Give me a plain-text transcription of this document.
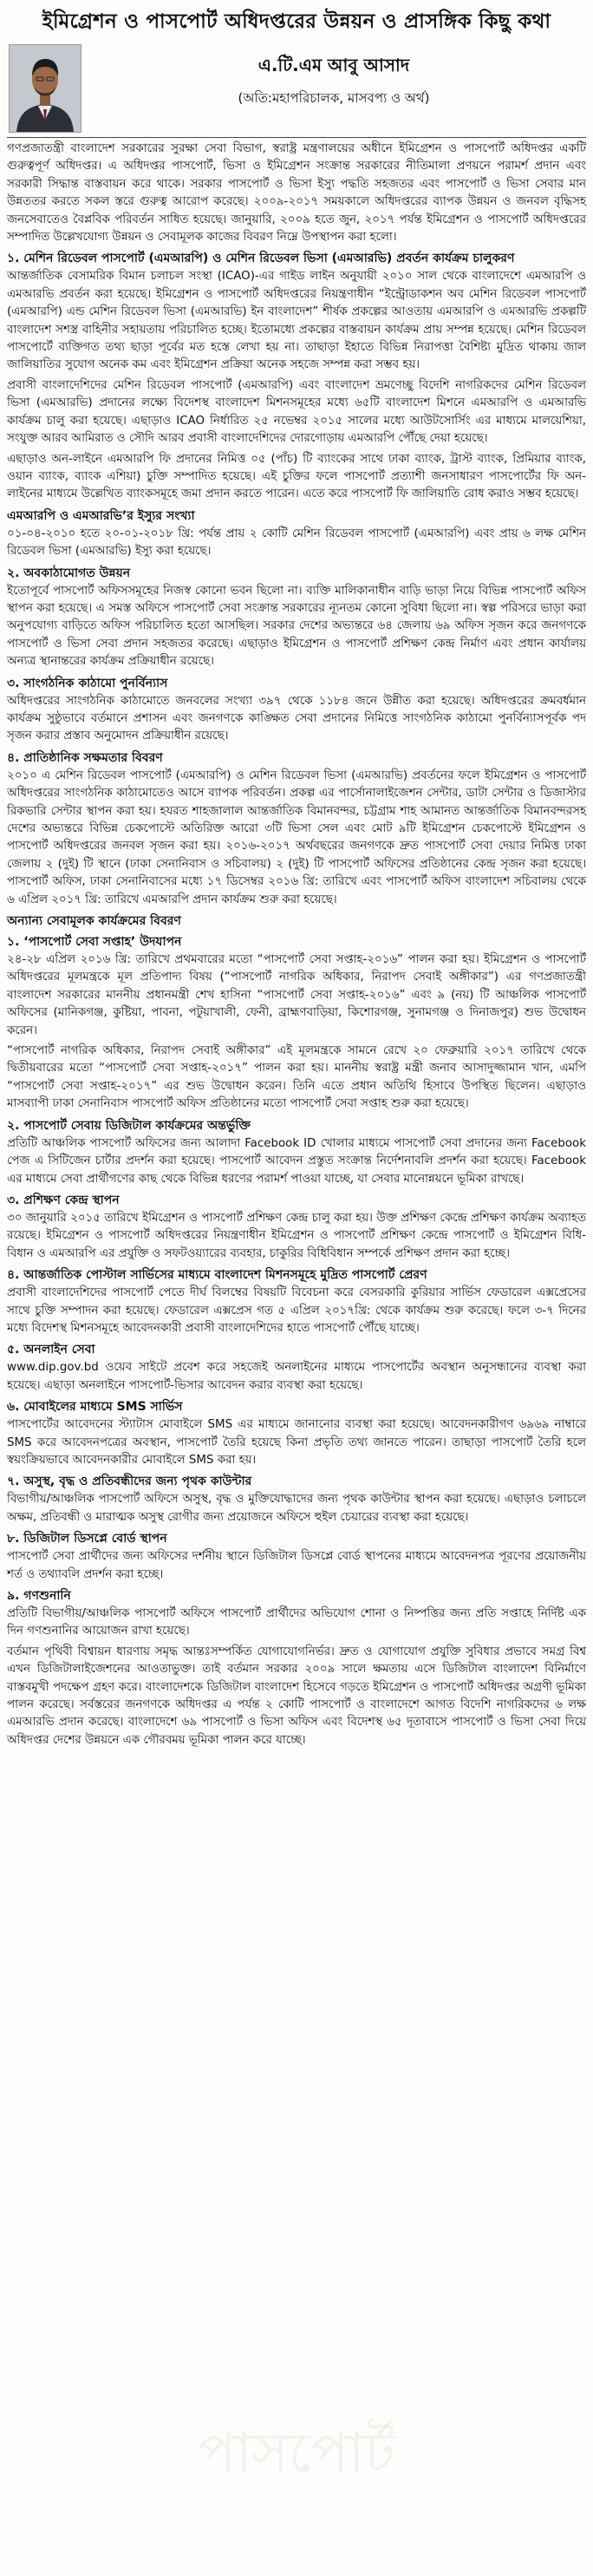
পাসপোর্ট
ইমিগ্রেশন ও পাসপোর্ট অধিদপ্তরের উন্নয়ন ও প্রাসঙ্গিক কিছু কথা
এ.টি.এম আবু আসাদ
(অতি:মহাপরিচালক, মাসবপ্য ও অর্থ)

গণপ্রজাতন্ত্রী বাংলাদেশ সরকারের সুরক্ষা সেবা বিভাগ, স্বরাষ্ট্র মন্ত্রণালয়ের অধীনে ইমিগ্রেশন ও পাসপোর্ট অধিদপ্তর একটি গুরুত্বপূর্ণ অধিদপ্তর। এ অধিদপ্তর পাসপোর্ট, ভিসা ও ইমিগ্রেশন সংক্রান্ত সরকারের নীতিমালা প্রণয়নে পরামর্শ প্রদান এবং সরকারী সিদ্ধান্ত বাস্তবায়ন করে থাকে। সরকার পাসপোর্ট ও ভিসা ইস্যু পদ্ধতি সহজতর এবং পাসপোর্ট ও ভিসা সেবার মান উন্নততর করতে সকল স্তরে গুরুত্ব আরোপ করেছে। ২০০৯-২০১৭ সময়কালে অধিদপ্তরের ব্যাপক উন্নয়ন ও জনবল বৃদ্ধিসহ জনসেবাতেও বৈপ্লবিক পরিবর্তন সাধিত হয়েছে। জানুয়ারি, ২০০৯ হতে জুন, ২০১৭ পর্যন্ত ইমিগ্রেশন ও পাসপোর্ট অধিদপ্তরের সম্পাদিত উল্লেখযোগ্য উন্নয়ন ও সেবামূলক কাজের বিবরণ নিম্নে উপস্থাপন করা হলো।

১. মেশিন রিডেবল পাসপোর্ট (এমআরপি) ও মেশিন রিডেবল ভিসা (এমআরভি) প্রবর্তন কার্যক্রম চালুকরণ

আন্তর্জাতিক বেসামরিক বিমান চলাচল সংস্থা (ICAO)-এর গাইড লাইন অনুযায়ী ২০১০ সাল থেকে বাংলাদেশে এমআরপি ও এমআরভি প্রবর্তন করা হয়েছে। ইমিগ্রেশন ও পাসপোর্ট অধিদপ্তরের নিয়ন্ত্রণাধীন “ইন্ট্রোডাকশন অব মেশিন রিডেবল পাসপোর্ট (এমআরপি) এন্ড মেশিন রিডেবল ভিসা (এমআরভি) ইন বাংলাদেশ” শীর্ষক প্রকল্পের আওতায় এমআরপি ও এমআরভি প্রকল্পটি বাংলাদেশ সশস্ত্র বাহিনীর সহায়তায় পরিচালিত হচ্ছে। ইতোমধ্যে প্রকল্পের বাস্তবায়ন কার্যক্রম প্রায় সম্পন্ন হয়েছে। মেশিন রিডেবল পাসপোর্টে ব্যক্তিগত তথ্য ছাড়া পূর্বের মত হস্তে লেখা হয় না। তাছাড়া ইহাতে বিভিন্ন নিরাপত্তা বৈশিষ্ট্য মুদ্রিত থাকায় জাল জালিয়াতির সুযোগ অনেক কম এবং ইমিগ্রেশন প্রক্রিয়া অনেক সহজে সম্পন্ন করা সম্ভব হয়।

প্রবাসী বাংলাদেশিদের মেশিন রিডেবল পাসপোর্ট (এমআরপি) এবং বাংলাদেশ ভ্রমণেচ্ছু বিদেশি নাগরিকদের মেশিন রিডেবল ভিসা (এমআরভি) প্রদানের লক্ষ্যে বিদেশস্থ বাংলাদেশ মিশনসমূহের মধ্যে ৬৫টি বাংলাদেশ মিশনে এমআরপি ও এমআরভি কার্যক্রম চালু করা হয়েছে। এছাড়াও ICAO নির্ধারিত ২৫ নভেম্বর ২০১৫ সালের মধ্যে আউটসোর্সিং এর মাধ্যমে মালয়েশিয়া, সংযুক্ত আরব আমিরাত ও সৌদি আরব প্রবাসী বাংলাদেশিদের দোরগোড়ায় এমআরপি পৌঁছে দেয়া হয়েছে।

এছাড়াও অন-লাইনে এমআরপি ফি প্রদানের নিমিত্ত ০৫ (পাঁচ) টি ব্যাংকের সাথে ঢাকা ব্যাংক, ট্রাস্ট ব্যাংক, প্রিমিয়ার ব্যাংক, ওয়ান ব্যাংক, ব্যাংক এশিয়া) চুক্তি সম্পাদিত হয়েছে। এই চুক্তির ফলে পাসপোর্ট প্রত্যাশী জনসাধারণ পাসপোর্টের ফি অন-লাইনের মাধ্যমে উল্লেখিত ব্যাংকসমূহে জমা প্রদান করতে পারেন। এতে করে পাসপোর্ট ফি জালিয়াতি রোধ করাও সম্ভব হয়েছে।

এমআরপি ও এমআরভি’র ইস্যুর সংখ্যা

০১-০৪-২০১০ হতে ২০-০১-২০১৮ খ্রি: পর্যন্ত প্রায় ২ কোটি মেশিন রিডেবল পাসপোর্ট (এমআরপি) এবং প্রায় ৬ লক্ষ মেশিন রিডেবল ভিসা (এমআরভি) ইস্যু করা হয়েছে।

২. অবকাঠামোগত উন্নয়ন

ইতোপূর্বে পাসপোর্ট অফিসসমূহের নিজস্ব কোনো ভবন ছিলো না। ব্যক্তি মালিকানাধীন বাড়ি ভাড়া নিয়ে বিভিন্ন পাসপোর্ট অফিস স্থাপন করা হয়েছে। এ সমস্ত অফিসে পাসপোর্ট সেবা সংক্রান্ত সরকারের ন্যূনতম কোনো সুবিধা ছিলো না। স্বল্প পরিসরে ভাড়া করা অনুপযোগ্য বাড়িতে অফিস পরিচালিত হতো আসছিল। সরকার দেশের অভ্যন্তরে ৬৪ জেলায় ৬৯ অফিস সৃজন করে জনগণকে পাসপোর্ট ও ভিসা সেবা প্রদান সহজতর করেছে। এছাড়াও ইমিগ্রেশন ও পাসপোর্ট প্রশিক্ষণ কেন্দ্র নির্মাণ এবং প্রধান কার্যালয় অন্যত্র স্থানান্তরের কার্যক্রম প্রক্রিয়াধীন রয়েছে।

৩. সাংগঠনিক কাঠামো পুনর্বিন্যাস

অধিদপ্তরের সাংগঠনিক কাঠামোতে জনবলের সংখ্যা ৩৯৭ থেকে ১১৮৪ জনে উন্নীত করা হয়েছে। অধিদপ্তরের ক্রমবর্ধমান কার্যক্রম সুষ্ঠুভাবে বর্তমানে প্রশাসন এবং জনগণকে কাঙ্ক্ষিত সেবা প্রদানের নিমিত্তে সাংগঠনিক কাঠামো পুনর্বিন্যাসপূর্বক পদ সৃজন করার প্রস্তাব অনুমোদন প্রক্রিয়াধীন রয়েছে।

৪. প্রাতিষ্ঠানিক সক্ষমতার বিবরণ

২০১০ এ মেশিন রিডেবল পাসপোর্ট (এমআরপি) ও মেশিন রিডেবল ভিসা (এমআরভি) প্রবর্তনের ফলে ইমিগ্রেশন ও পাসপোর্ট অধিদপ্তরের সাংগঠনিক কাঠামোতেও আসে ব্যাপক পরিবর্তন। প্রকল্প এর পার্সোনালাইজেশন সেন্টার, ডাটা সেন্টার ও ডিজাস্টার রিকভারি সেন্টার স্থাপন করা হয়। হযরত শাহজালাল আন্তর্জাতিক বিমানবন্দর, চট্টগ্রাম শাহ আমানত আন্তর্জাতিক বিমানবন্দরসহ দেশের অভ্যন্তরে বিভিন্ন চেকপোস্টে অতিরিক্ত আরো ৩টি ভিসা সেল এবং মোট ৯টি ইমিগ্রেশন চেকপোস্টে ইমিগ্রেশন ও পাসপোর্ট অধিদপ্তরের জনবল সৃজন করা হয়। ২০১৬-২০১৭ অর্থবছরের জনগণকে দ্রুত পাসপোর্ট সেবা দেয়ার নিমিত্ত ঢাকা জেলায় ২ (দুই) টি স্থানে (ঢাকা সেনানিবাস ও সচিবালয়) ২ (দুই) টি পাসপোর্ট অফিসের প্রতিষ্ঠানের কেন্দ্র সৃজন করা হয়েছে। পাসপোর্ট অফিস, ঢাকা সেনানিবাসের মধ্যে ১৭ ডিসেম্বর ২০১৬ খ্রি: তারিখে এবং পাসপোর্ট অফিস বাংলাদেশ সচিবালয় থেকে ৬ এপ্রিল ২০১৭ খ্রি: তারিখে এমআরপি প্রদান কার্যক্রম শুরু করা হয়েছে।

অন্যান্য সেবামূলক কার্যক্রমের বিবরণ
১. ‘পাসপোর্ট সেবা সপ্তাহ’ উদযাপন

২৪-২৮ এপ্রিল ২০১৬ খ্রি: তারিখে প্রথমবারের মতো “পাসপোর্ট সেবা সপ্তাহ-২০১৬” পালন করা হয়। ইমিগ্রেশন ও পাসপোর্ট অধিদপ্তরের মূলমন্ত্রকে মূল প্রতিপাদ্য বিষয় (“পাসপোর্ট নাগরিক অধিকার, নিরাপদ সেবাই অঙ্গীকার”) এর গণপ্রজাতন্ত্রী বাংলাদেশ সরকারের মাননীয় প্রধানমন্ত্রী শেখ হাসিনা “পাসপোর্ট সেবা সপ্তাহ-২০১৬” এবং ৯ (নয়) টি আঞ্চলিক পাসপোর্ট অফিসের (মানিকগঞ্জ, কুষ্টিয়া, পাবনা, পটুয়াখালী, ফেনী, ব্রাহ্মণবাড়িয়া, কিশোরগঞ্জ, সুনামগঞ্জ ও দিনাজপুর) শুভ উদ্বোধন করেন।

“পাসপোর্ট নাগরিক অধিকার, নিরাপদ সেবাই অঙ্গীকার” এই মূলমন্ত্রকে সামনে রেখে ২০ ফেব্রুয়ারি ২০১৭ তারিখে থেকে দ্বিতীয়বারের মতো “পাসপোর্ট সেবা সপ্তাহ-২০১৭” পালন করা হয়। মাননীয় স্বরাষ্ট্র মন্ত্রী জনাব আসাদুজ্জামান খান, এমপি “পাসপোর্ট সেবা সপ্তাহ-২০১৭” এর শুভ উদ্বোধন করেন। তিনি এতে প্রধান অতিথি হিসাবে উপস্থিত ছিলেন। এছাড়াও মাসব্যাপী ঢাকা সেনানিবাস পাসপোর্ট অফিস প্রতিষ্ঠানের মতো পাসপোর্ট সেবা সপ্তাহ শুরু করা হয়েছে।

২. পাসপোর্ট সেবায় ডিজিটাল কার্যক্রমের অন্তর্ভুক্তি

প্রতিটি আঞ্চলিক পাসপোর্ট অফিসের জন্য আলাদা Facebook ID খোলার মাধ্যমে পাসপোর্ট সেবা প্রদানের জন্য Facebook পেজ এ সিটিজেন চার্টার প্রদর্শন করা হয়েছে। পাসপোর্ট আবেদন প্রস্তুত সংক্রান্ত নির্দেশনাবলি প্রদর্শন করা হয়েছে। Facebook এর মাধ্যমে সেবা প্রার্থীগণের কাছ থেকে বিভিন্ন ধরণের পরামর্শ পাওয়া যাচ্ছে, যা সেবার মানোন্নয়নে ভূমিকা রাখছে।

৩. প্রশিক্ষণ কেন্দ্র স্থাপন

৩০ জানুয়ারি ২০১৫ তারিখে ইমিগ্রেশন ও পাসপোর্ট প্রশিক্ষণ কেন্দ্র চালু করা হয়। উক্ত প্রশিক্ষণ কেন্দ্রে প্রশিক্ষণ কার্যক্রম অব্যাহত রয়েছে। ইমিগ্রেশন ও পাসপোর্ট অধিদপ্তরের নিয়ন্ত্রণাধীন ইমিগ্রেশন ও পাসপোর্ট প্রশিক্ষণ কেন্দ্রে পাসপোর্ট ও ইমিগ্রেশন বিধি-বিধান ও এমআরপি এর প্রযুক্তি ও সফটওয়্যারের ব্যবহার, চাকুরির বিধিবিধান সম্পর্কে প্রশিক্ষণ প্রদান করা হচ্ছে।

৪. আন্তর্জাতিক পোস্টাল সার্ভিসের মাধ্যমে বাংলাদেশ মিশনসমূহে মুদ্রিত পাসপোর্ট প্রেরণ

প্রবাসী বাংলাদেশিদের পাসপোর্ট পেতে দীর্ঘ বিলম্বের বিষয়টি বিবেচনা করে বেসরকারি কুরিয়ার সার্ভিস ফেডারেল এক্সপ্রেসের সাথে চুক্তি সম্পাদন করা হয়েছে। ফেডারেল এক্সপ্রেস গত ৫ এপ্রিল ২০১৭খ্রি: থেকে কার্যক্রম শুরু করেছে। ফলে ৩-৭ দিনের মধ্যে বিদেশস্থ মিশনসমূহে আবেদনকারী প্রবাসী বাংলাদেশিদের হাতে পাসপোর্ট পৌঁছে যাচ্ছে।

৫. অনলাইন সেবা

www.dip.gov.bd ওয়েব সাইটে প্রবেশ করে সহজেই অনলাইনের মাধ্যমে পাসপোর্টের অবস্থান অনুসন্ধানের ব্যবস্থা করা হয়েছে। এছাড়া অনলাইনে পাসপোর্ট-ভিসার আবেদন করার ব্যবস্থা করা হয়েছে।

৬. মোবাইলের মাধ্যমে SMS সার্ভিস

পাসপোর্টের আবেদনের স্ট্যাটাস মোবাইলে SMS এর মাধ্যমে জানানোর ব্যবস্থা করা হয়েছে। আবেদনকারীগণ ৬৯৬৯ নাম্বারে SMS করে আবেদনপত্রের অবস্থান, পাসপোর্ট তৈরি হয়েছে কিনা প্রভৃতি তথ্য জানতে পারেন। তাছাড়া পাসপোর্ট তৈরি হলে স্বয়ংক্রিয়ভাবে আবেদনকারীর মোবাইলে SMS করা হয়।

৭. অসুস্থ, বৃদ্ধ ও প্রতিবন্ধীদের জন্য পৃথক কাউন্টার

বিভাগীয়/আঞ্চলিক পাসপোর্ট অফিসে অসুস্থ, বৃদ্ধ ও মুক্তিযোদ্ধাদের জন্য পৃথক কাউন্টার স্থাপন করা হয়েছে। এছাড়াও চলাচলে অক্ষম, প্রতিবন্ধী ও মারাত্মক অসুস্থ রোগীর জন্য প্রয়োজনে অফিসে হুইল চেয়ারের ব্যবস্থা করা হয়েছে।

৮. ডিজিটাল ডিসপ্লে বোর্ড স্থাপন

পাসপোর্ট সেবা প্রার্থীদের জন্য অফিসের দর্শনীয় স্থানে ডিজিটাল ডিসপ্লে বোর্ড স্থাপনের মাধ্যমে আবেদনপত্র পূরণের প্রয়োজনীয় শর্ত ও তথ্যাবলি প্রদর্শন করা হচ্ছে।

৯. গণশুনানি

প্রতিটি বিভাগীয়/আঞ্চলিক পাসপোর্ট অফিসে পাসপোর্ট প্রার্থীদের অভিযোগ শোনা ও নিষ্পত্তির জন্য প্রতি সপ্তাহে নির্দিষ্ট এক দিন গণশুনানির আয়োজন রাখা হয়েছে।

বর্তমান পৃথিবী বিশ্বায়ন ধারণায় সমৃদ্ধ আন্তঃসম্পর্কিত যোগাযোগনির্ভর। দ্রুত ও যোগাযোগ প্রযুক্তি সুবিধার প্রভাবে সমগ্র বিশ্ব এখন ডিজিটালাইজেশনের আওতাভুক্ত। তাই বর্তমান সরকার ২০০৯ সালে ক্ষমতায় এসে ডিজিটাল বাংলাদেশ বিনির্মাণে বাস্তবমুখী পদক্ষেপ গ্রহণ করে। বাংলাদেশকে ডিজিটাল বাংলাদেশ হিসেবে গড়তে ইমিগ্রেশন ও পাসপোর্ট অধিদপ্তর অগ্রণী ভূমিকা পালন করেছে। সর্বস্তরের জনগণকে অধিদপ্তর এ পর্যন্ত ২ কোটি পাসপোর্ট ও বাংলাদেশে আগত বিদেশি নাগরিকদের ৬ লক্ষ এমআরভি প্রদান করেছে। বাংলাদেশে ৬৯ পাসপোর্ট ও ভিসা অফিস এবং বিদেশস্থ ৬৫ দূতাবাসে পাসপোর্ট ও ভিসা সেবা দিয়ে অধিদপ্তর দেশের উন্নয়নে এক গৌরবময় ভূমিকা পালন করে যাচ্ছে।
